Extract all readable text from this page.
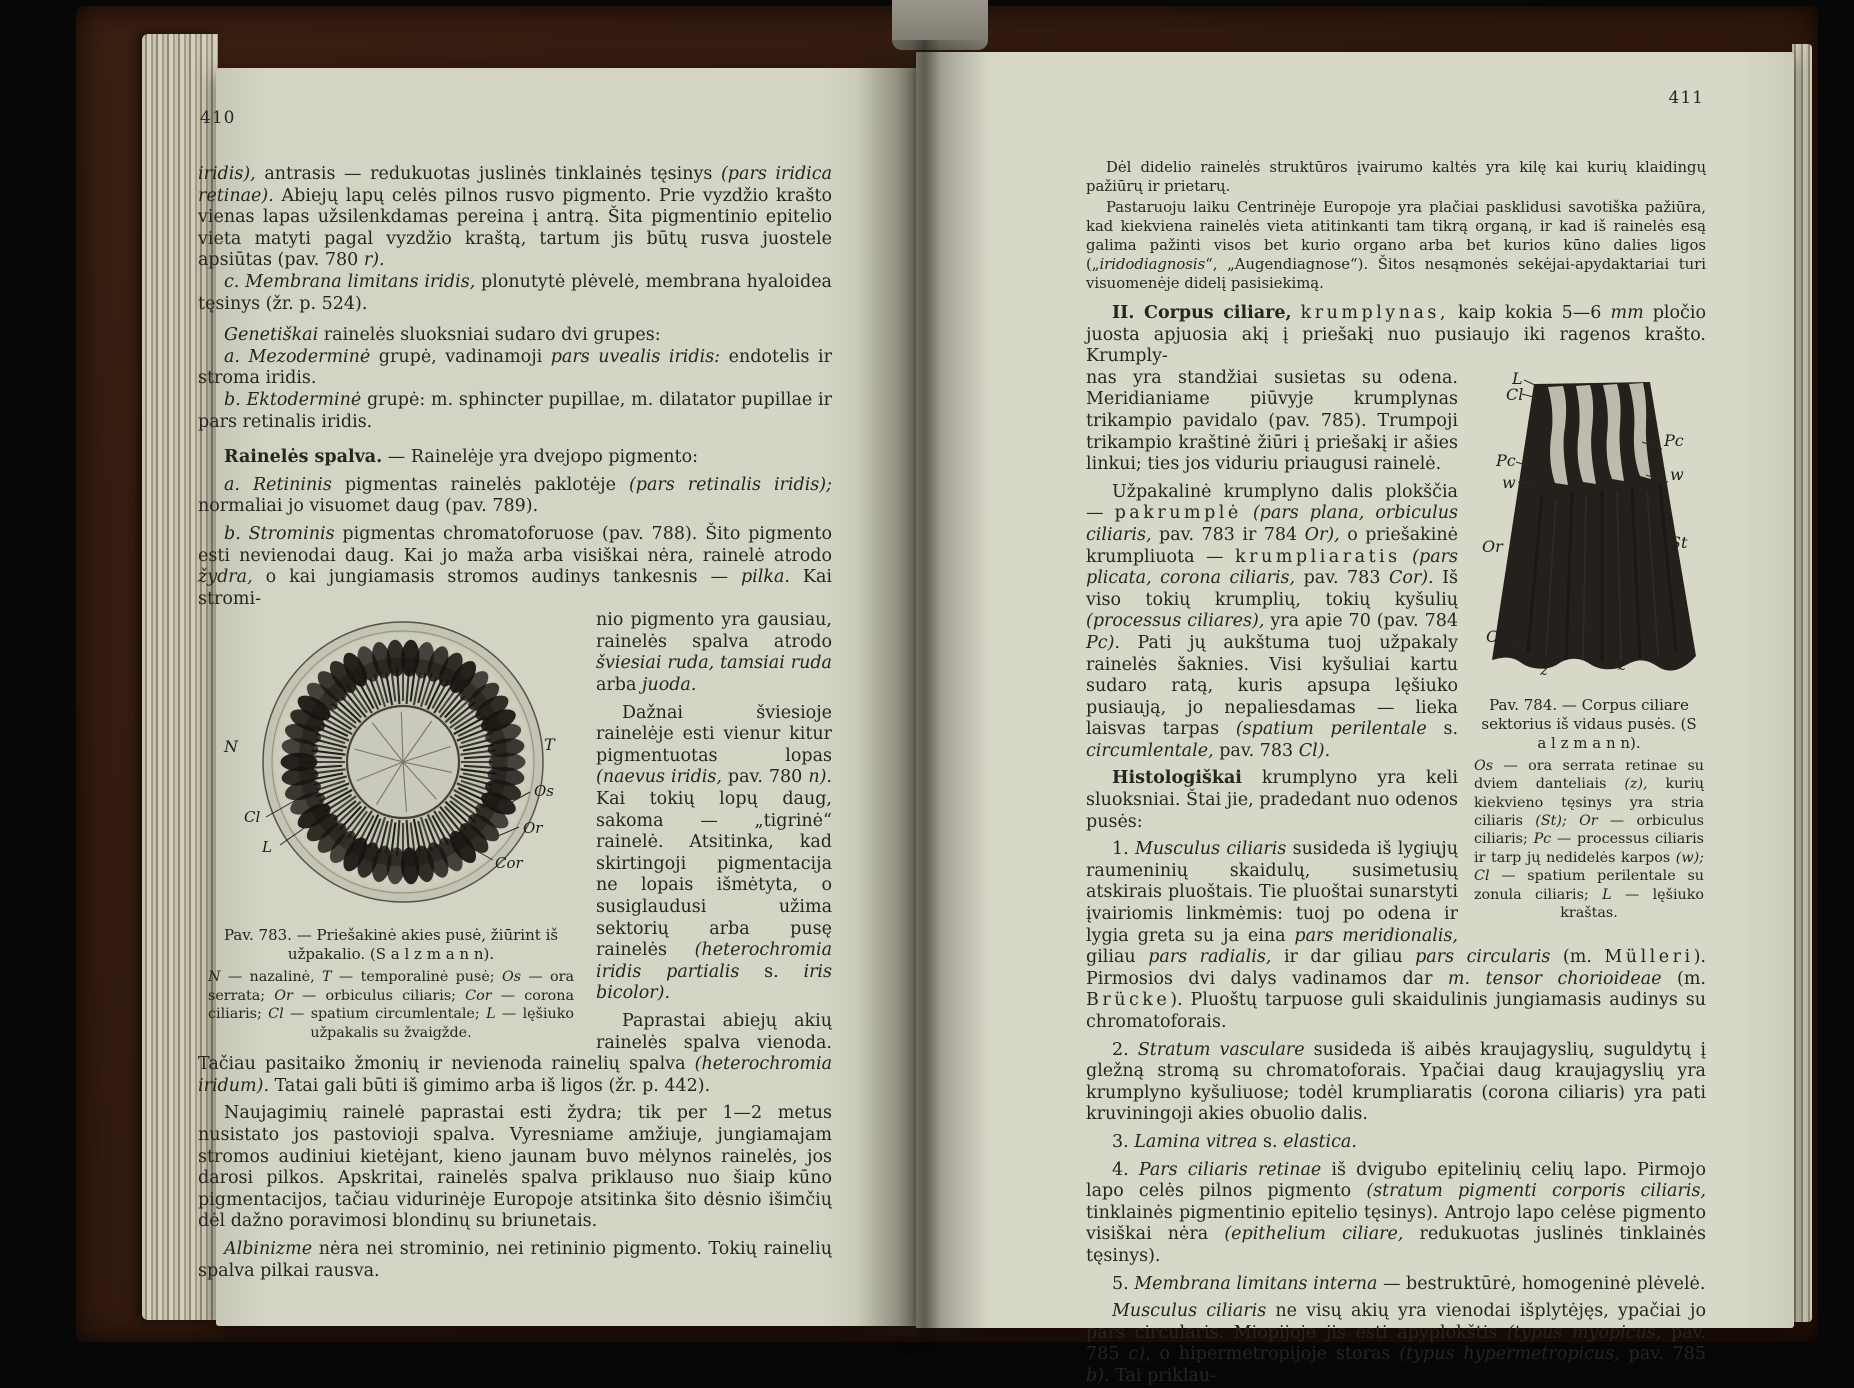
410

iridis), antrasis — redukuotas juslinės tinklainės tęsinys (pars iridica retinae). Abiejų lapų celės pilnos rusvo pigmento. Prie vyzdžio krašto vienas lapas užsilenkdamas pereina į antrą. Šita pigmentinio epitelio vieta matyti pagal vyzdžio kraštą, tartum jis būtų rusva juostele apsiūtas (pav. 780 r).

c. Membrana limitans iridis, plonutytė plėvelė, membrana hyaloidea tęsinys (žr. p. 524).

Genetiškai rainelės sluoksniai sudaro dvi grupes:

a. Mezoderminė grupė, vadinamoji pars uvealis iridis: endotelis ir stroma iridis.

b. Ektoderminė grupė: m. sphincter pupillae, m. dilatator pupillae ir pars retinalis iridis.

Rainelės spalva. — Rainelėje yra dvejopo pigmento:

a. Retininis pigmentas rainelės paklotėje (pars retinalis iridis); normaliai jo visuomet daug (pav. 789).

b. Strominis pigmentas chromatoforuose (pav. 788). Šito pigmento esti nevienodai daug. Kai jo maža arba visiškai nėra, rainelė atrodo žydra, o kai jungiamasis stromos audinys tankesnis — pilka. Kai stromi-

N	T
Os
Or
Cor
Cl
L
Pav. 783. — Priešakinė akies pusė, žiūrint iš užpakalio. (S a l z m a n n).
N — nazalinė, T — temporalinė pusė; Os — ora serrata; Or — orbiculus ciliaris; Cor — corona ciliaris; Cl — spatium circumlentale; L — lęšiuko užpakalis su žvaigžde.

nio pigmento yra gausiau, rainelės spalva atrodo šviesiai ruda, tamsiai ruda arba juoda.

Dažnai šviesioje rainelėje esti vienur kitur pigmentuotas lopas (naevus iridis, pav. 780 n). Kai tokių lopų daug, sakoma — „tigrinė“ rainelė. Atsitinka, kad skirtingoji pigmentacija ne lopais išmėtyta, o susiglaudusi užima sektorių arba pusę rainelės (heterochromia iridis partialis s. iris bicolor).

Paprastai abiejų akių rainelės spalva vienoda. Tačiau pasitaiko žmonių ir nevienoda rainelių spalva (heterochromia iridum). Tatai gali būti iš gimimo arba iš ligos (žr. p. 442).

Naujagimių rainelė paprastai esti žydra; tik per 1—2 metus nusistato jos pastovioji spalva. Vyresniame amžiuje, jungiamajam stromos audiniui kietėjant, kieno jaunam buvo mėlynos rainelės, jos darosi pilkos. Apskritai, rainelės spalva priklauso nuo šiaip kūno pigmentacijos, tačiau vidurinėje Europoje atsitinka šito dėsnio išimčių dėl dažno poravimosi blondinų su briunetais.

Albinizme nėra nei strominio, nei retininio pigmento. Tokių rainelių spalva pilkai rausva.

411

Dėl didelio rainelės struktūros įvairumo kaltės yra kilę kai kurių klaidingų pažiūrų ir prietarų.

Pastaruoju laiku Centrinėje Europoje yra plačiai pasklidusi savotiška pažiūra, kad kiekviena rainelės vieta atitinkanti tam tikrą organą, ir kad iš rainelės esą galima pažinti visos bet kurio organo arba bet kurios kūno dalies ligos („iridodiagnosis“, „Augendiagnose“). Šitos nesąmonės sekėjai-apydaktariai turi visuomenėje didelį pasisiekimą.

II. Corpus ciliare, krumplynas, kaip kokia 5—6 mm pločio juosta apjuosia akį į priešakį nuo pusiaujo iki ragenos krašto. Krumply-

L
Cl
Pc
w
Pc
w
Or	St
Os
z	z
Pav. 784. — Corpus ciliare sektorius iš vidaus pusės. (S a l z m a n n).
Os — ora serrata retinae su dviem danteliais (z), kurių kiekvieno tęsinys yra stria ciliaris (St); Or — orbiculus ciliaris; Pc — processus ciliaris ir tarp jų nedidelės karpos (w); Cl — spatium perilentale su zonula ciliaris; L — lęšiuko kraštas.

nas yra standžiai susietas su odena. Meridianiame piūvyje krumplynas trikampio pavidalo (pav. 785). Trumpoji trikampio kraštinė žiūri į priešakį ir ašies linkui; ties jos viduriu priaugusi rainelė.

Užpakalinė krumplyno dalis plokščia — pakrumplė (pars plana, orbiculus ciliaris, pav. 783 ir 784 Or), o priešakinė krumpliuota — krumpliaratis (pars plicata, corona ciliaris, pav. 783 Cor). Iš viso tokių krumplių, tokių kyšulių (processus ciliares), yra apie 70 (pav. 784 Pc). Pati jų aukštuma tuoj užpakaly rainelės šaknies. Visi kyšuliai kartu sudaro ratą, kuris apsupa lęšiuko pusiaują, jo nepaliesdamas — lieka laisvas tarpas (spatium perilentale s. circumlentale, pav. 783 Cl).

Histologiškai krumplyno yra keli sluoksniai. Štai jie, pradedant nuo odenos pusės:

1. Musculus ciliaris susideda iš lygiųjų raumeninių skaidulų, susimetusių atskirais pluoštais. Tie pluoštai sunarstyti įvairiomis linkmėmis: tuoj po odena ir lygia greta su ja eina pars meridionalis, giliau pars radialis, ir dar giliau pars circularis (m. Mülleri). Pirmosios dvi dalys vadinamos dar m. tensor chorioideae (m. Brücke). Pluoštų tarpuose guli skaidulinis jungiamasis audinys su chromatoforais.

2. Stratum vasculare susideda iš aibės kraujagyslių, suguldytų į gležną stromą su chromatoforais. Ypačiai daug kraujagyslių yra krumplyno kyšuliuose; todėl krumpliaratis (corona ciliaris) yra pati kruviningoji akies obuolio dalis.

3. Lamina vitrea s. elastica.

4. Pars ciliaris retinae iš dvigubo epitelinių celių lapo. Pirmojo lapo celės pilnos pigmento (stratum pigmenti corporis ciliaris, tinklainės pigmentinio epitelio tęsinys). Antrojo lapo celėse pigmento visiškai nėra (epithelium ciliare, redukuotas juslinės tinklainės tęsinys).

5. Membrana limitans interna — bestruktūrė, homogeninė plėvelė.

Musculus ciliaris ne visų akių yra vienodai išplytėjęs, ypačiai jo pars circularis. Miopijoje jis esti apyplokštis (typus myopicus, pav. 785 c), o hipermetropijoje storas (typus hypermetropicus, pav. 785 b). Tai priklau-
